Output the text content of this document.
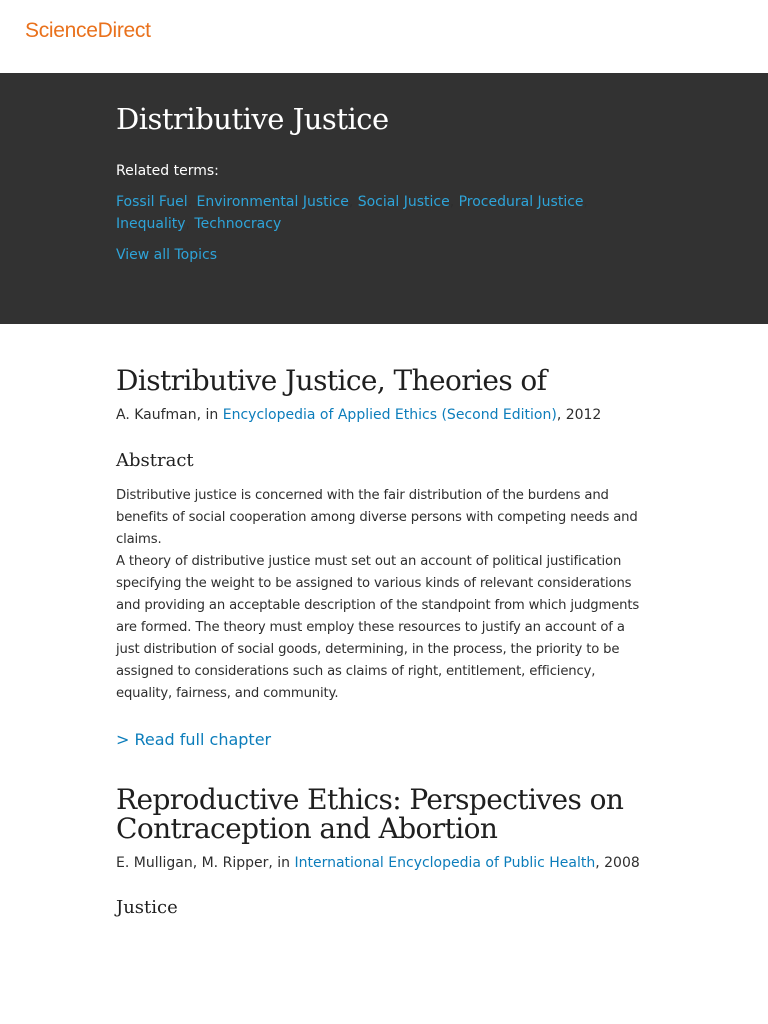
ScienceDirect
Distributive Justice
Related terms:
Fossil Fuel, Environmental Justice, Social Justice, Procedural Justice, Inequality, Technocracy
View all Topics
Distributive Justice, Theories of
A. Kaufman, in Encyclopedia of Applied Ethics (Second Edition), 2012
Abstract

Distributive justice is concerned with the fair distribution of the burdens and benefits of social cooperation among diverse persons with competing needs and claims.

A theory of distributive justice must set out an account of political justification specifying the weight to be assigned to various kinds of relevant considerations and providing an acceptable description of the standpoint from which judgments are formed. The theory must employ these resources to justify an account of a just distribution of social goods, determining, in the process, the priority to be assigned to considerations such as claims of right, entitlement, efficiency, equality, fairness, and community.

> Read full chapter
Reproductive Ethics: Perspectives on Contraception and Abortion
E. Mulligan, M. Ripper, in International Encyclopedia of Public Health, 2008
Justice
